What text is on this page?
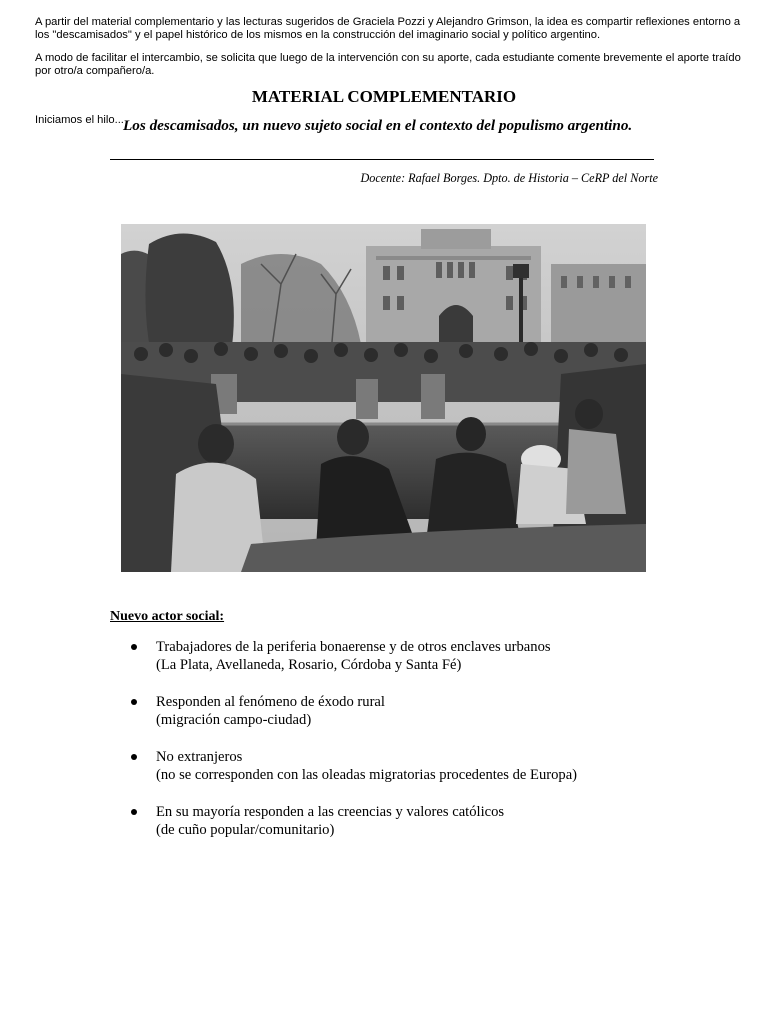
A partir del material complementario y las lecturas sugeridos de Graciela Pozzi y Alejandro Grimson, la idea es compartir reflexiones entorno a
los "descamisados" y el papel histórico de los mismos en la construcción del imaginario social y político argentino.
A modo de facilitar el intercambio, se solicita que luego de la intervención con su aporte, cada estudiante comente brevemente el aporte traído
por otro/a compañero/a.
MATERIAL COMPLEMENTARIO
Iniciamos el hilo... Los descamisados, un nuevo sujeto social en el contexto del populismo argentino.
Docente: Rafael Borges. Dpto. de Historia – CeRP del Norte
Nuevo actor social:
Trabajadores de la periferia bonaerense y de otros enclaves urbanos
(La Plata, Avellaneda, Rosario, Córdoba y Santa Fé)
Responden al fenómeno de éxodo rural
(migración campo-ciudad)
No extranjeros
(no se corresponden con las oleadas migratorias procedentes de Europa)
En su mayoría responden a las creencias y valores católicos
(de cuño popular/comunitario)
